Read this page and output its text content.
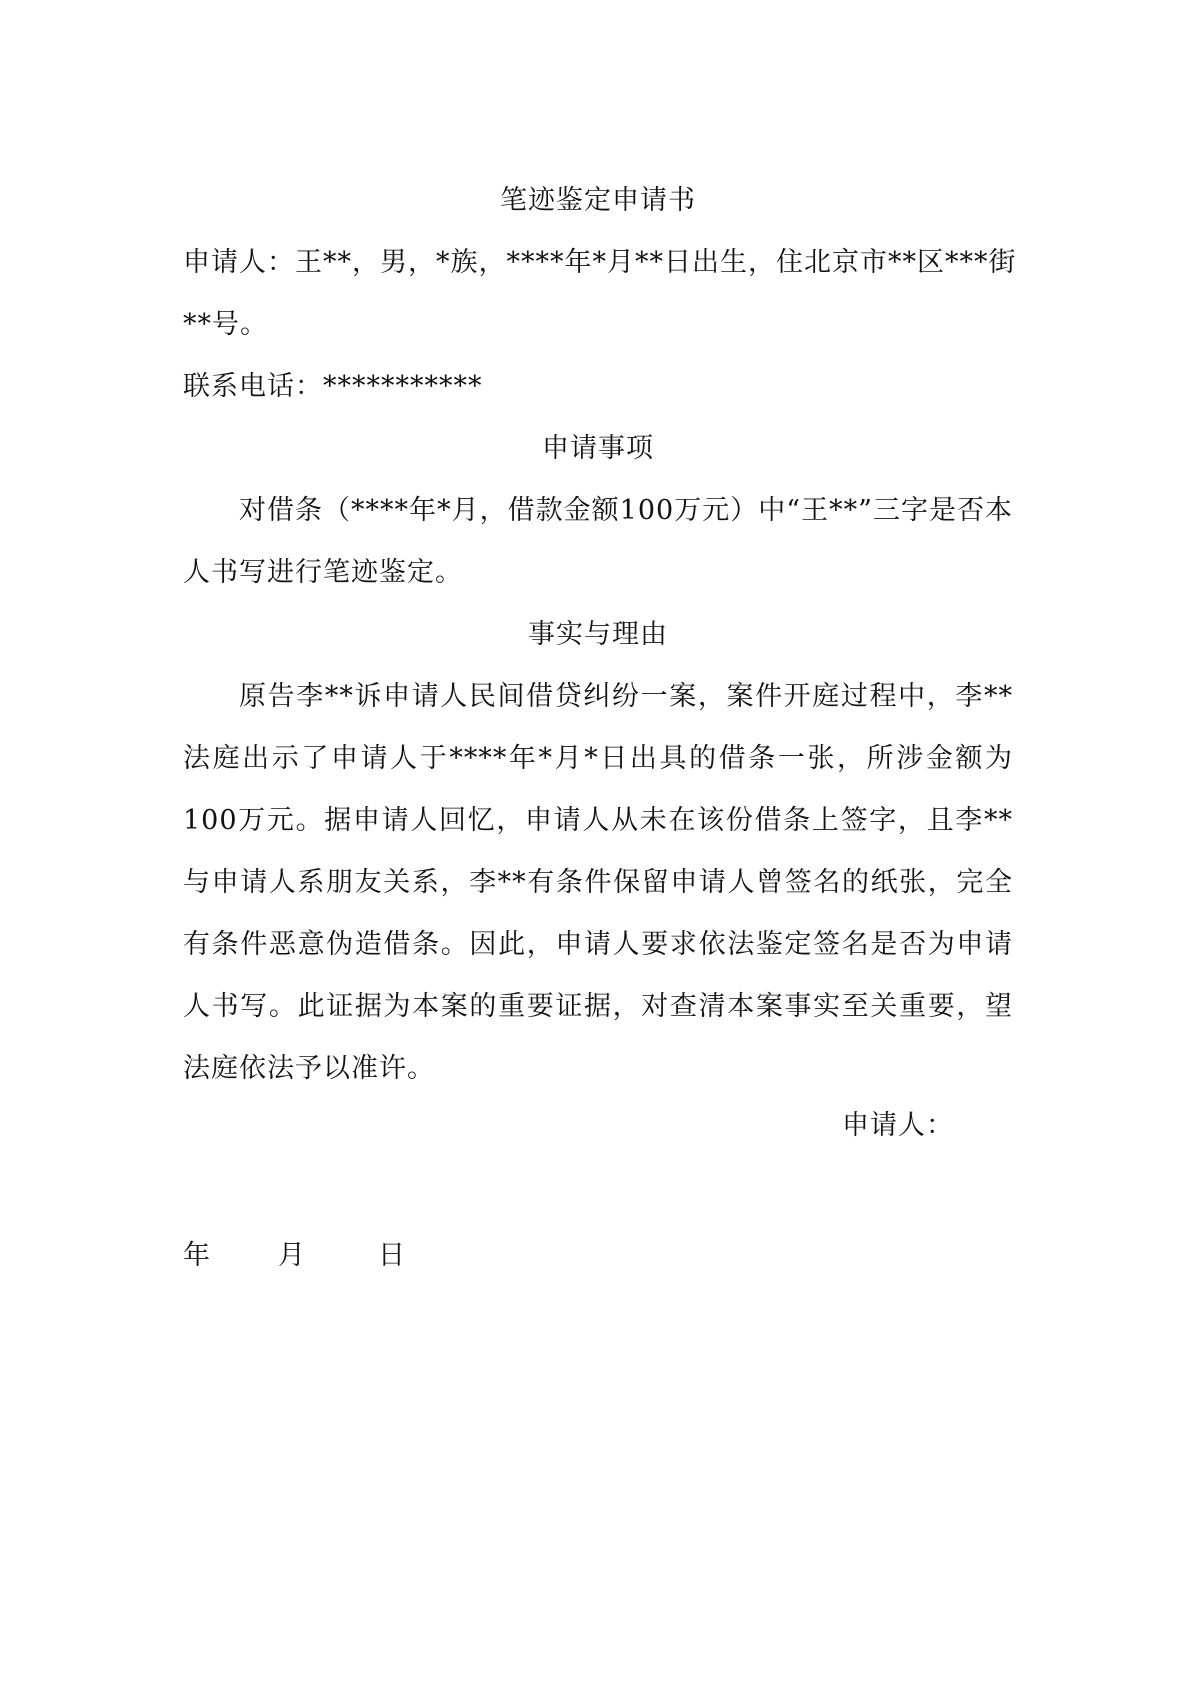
笔迹鉴定申请书

申请人：王**，男，*族，****年*月**日出生，住北京市**区***街

**号。

联系电话：***********

申请事项

对借条（****年*月，借款金额100万元）中“王**”三字是否本人书写进行笔迹鉴定。

事实与理由

原告李**诉申请人民间借贷纠纷一案，案件开庭过程中，李**法庭出示了申请人于****年*月*日出具的借条一张，所涉金额为100万元。据申请人回忆，申请人从未在该份借条上签字，且李**与申请人系朋友关系，李**有条件保留申请人曾签名的纸张，完全有条件恶意伪造借条。因此，申请人要求依法鉴定签名是否为申请人书写。此证据为本案的重要证据，对查清本案事实至关重要，望法庭依法予以准许。

申请人：
年	月	日
